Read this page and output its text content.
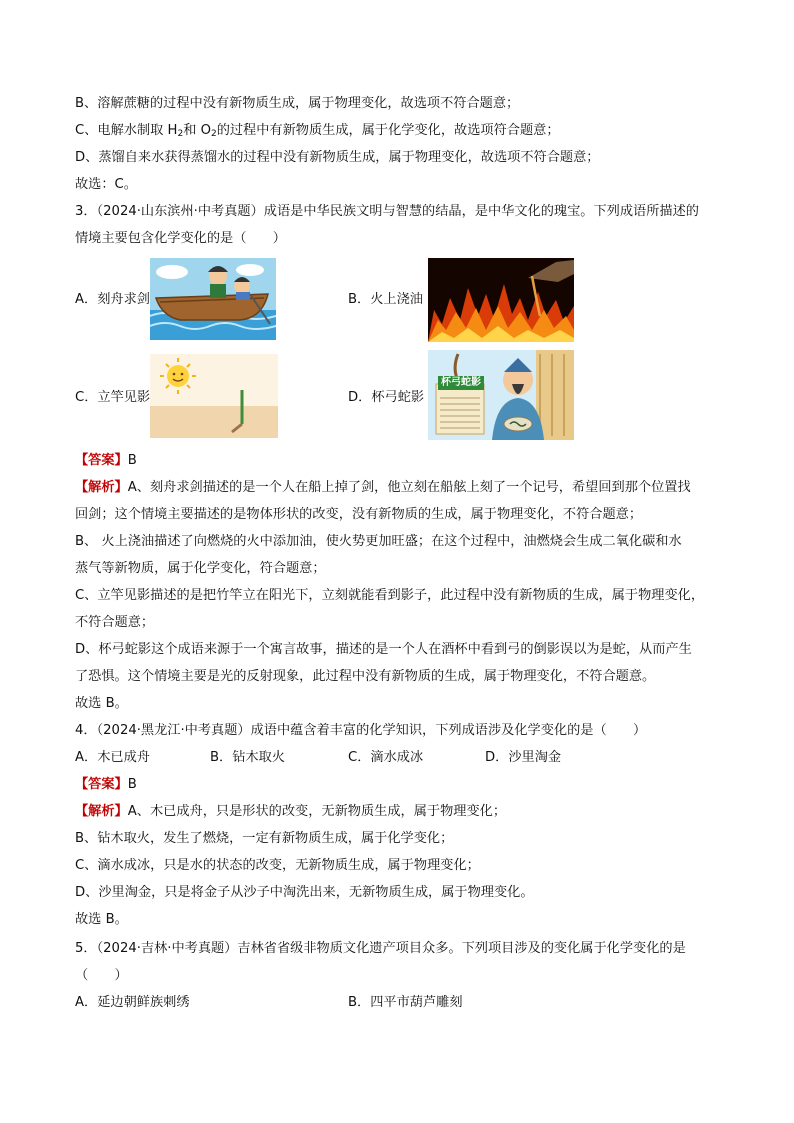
B、溶解蔗糖的过程中没有新物质生成，属于物理变化，故选项不符合题意；
C、电解水制取 $H_2$和 $O_2$的过程中有新物质生成，属于化学变化，故选项符合题意；
D、蒸馏自来水获得蒸馏水的过程中没有新物质生成，属于物理变化，故选项不符合题意；
故选：C。
3．（2024·山东滨州·中考真题）成语是中华民族文明与智慧的结晶，是中华文化的瑰宝。下列成语所描述的
情境主要包含化学变化的是（　　）
A．刻舟求剑	B．火上浇油
C．立竿见影	D．杯弓蛇影
杯弓蛇影
【答案】B
【解析】A、刻舟求剑描述的是一个人在船上掉了剑，他立刻在船舷上刻了一个记号，希望回到那个位置找
回剑；这个情境主要描述的是物体形状的改变，没有新物质的生成，属于物理变化，不符合题意；
B、 火上浇油描述了向燃烧的火中添加油，使火势更加旺盛；在这个过程中，油燃烧会生成二氧化碳和水
蒸气等新物质，属于化学变化，符合题意；
C、立竿见影描述的是把竹竿立在阳光下，立刻就能看到影子，此过程中没有新物质的生成，属于物理变化，
不符合题意；
D、杯弓蛇影这个成语来源于一个寓言故事，描述的是一个人在酒杯中看到弓的倒影误以为是蛇，从而产生
了恐惧。这个情境主要是光的反射现象，此过程中没有新物质的生成，属于物理变化，不符合题意。
故选 B。
4．（2024·黑龙江·中考真题）成语中蕴含着丰富的化学知识，下列成语涉及化学变化的是（　　）
A．木已成舟	B．钻木取火	C．滴水成冰	D．沙里淘金
【答案】B
【解析】A、木已成舟，只是形状的改变，无新物质生成，属于物理变化；
B、钻木取火，发生了燃烧，一定有新物质生成，属于化学变化；
C、滴水成冰，只是水的状态的改变，无新物质生成，属于物理变化；
D、沙里淘金，只是将金子从沙子中淘洗出来，无新物质生成，属于物理变化。
故选 B。
5．（2024·吉林·中考真题）吉林省省级非物质文化遗产项目众多。下列项目涉及的变化属于化学变化的是
（　　）
A．延边朝鲜族刺绣	B．四平市葫芦雕刻
